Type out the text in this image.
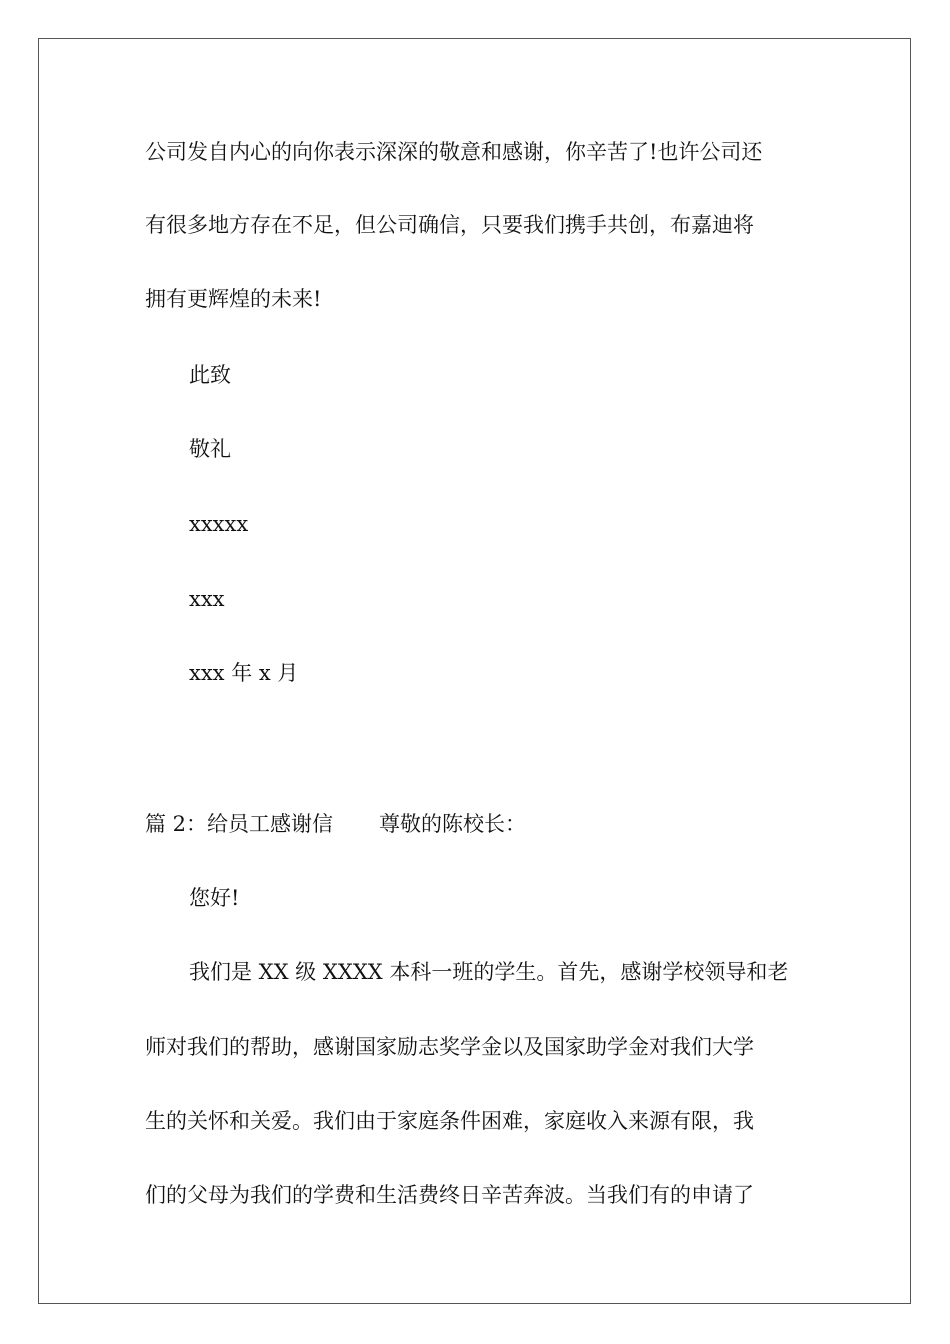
公司发自内心的向你表示深深的敬意和感谢，你辛苦了!也许公司还
有很多地方存在不足，但公司确信，只要我们携手共创，布嘉迪将
拥有更辉煌的未来!
此致
敬礼
xxxxx
xxx
xxx 年 x 月
篇 2：给员工感谢信 尊敬的陈校长：
您好!
我们是 XX 级 XXXX 本科一班的学生。首先，感谢学校领导和老
师对我们的帮助，感谢国家励志奖学金以及国家助学金对我们大学
生的关怀和关爱。我们由于家庭条件困难，家庭收入来源有限，我
们的父母为我们的学费和生活费终日辛苦奔波。当我们有的申请了
